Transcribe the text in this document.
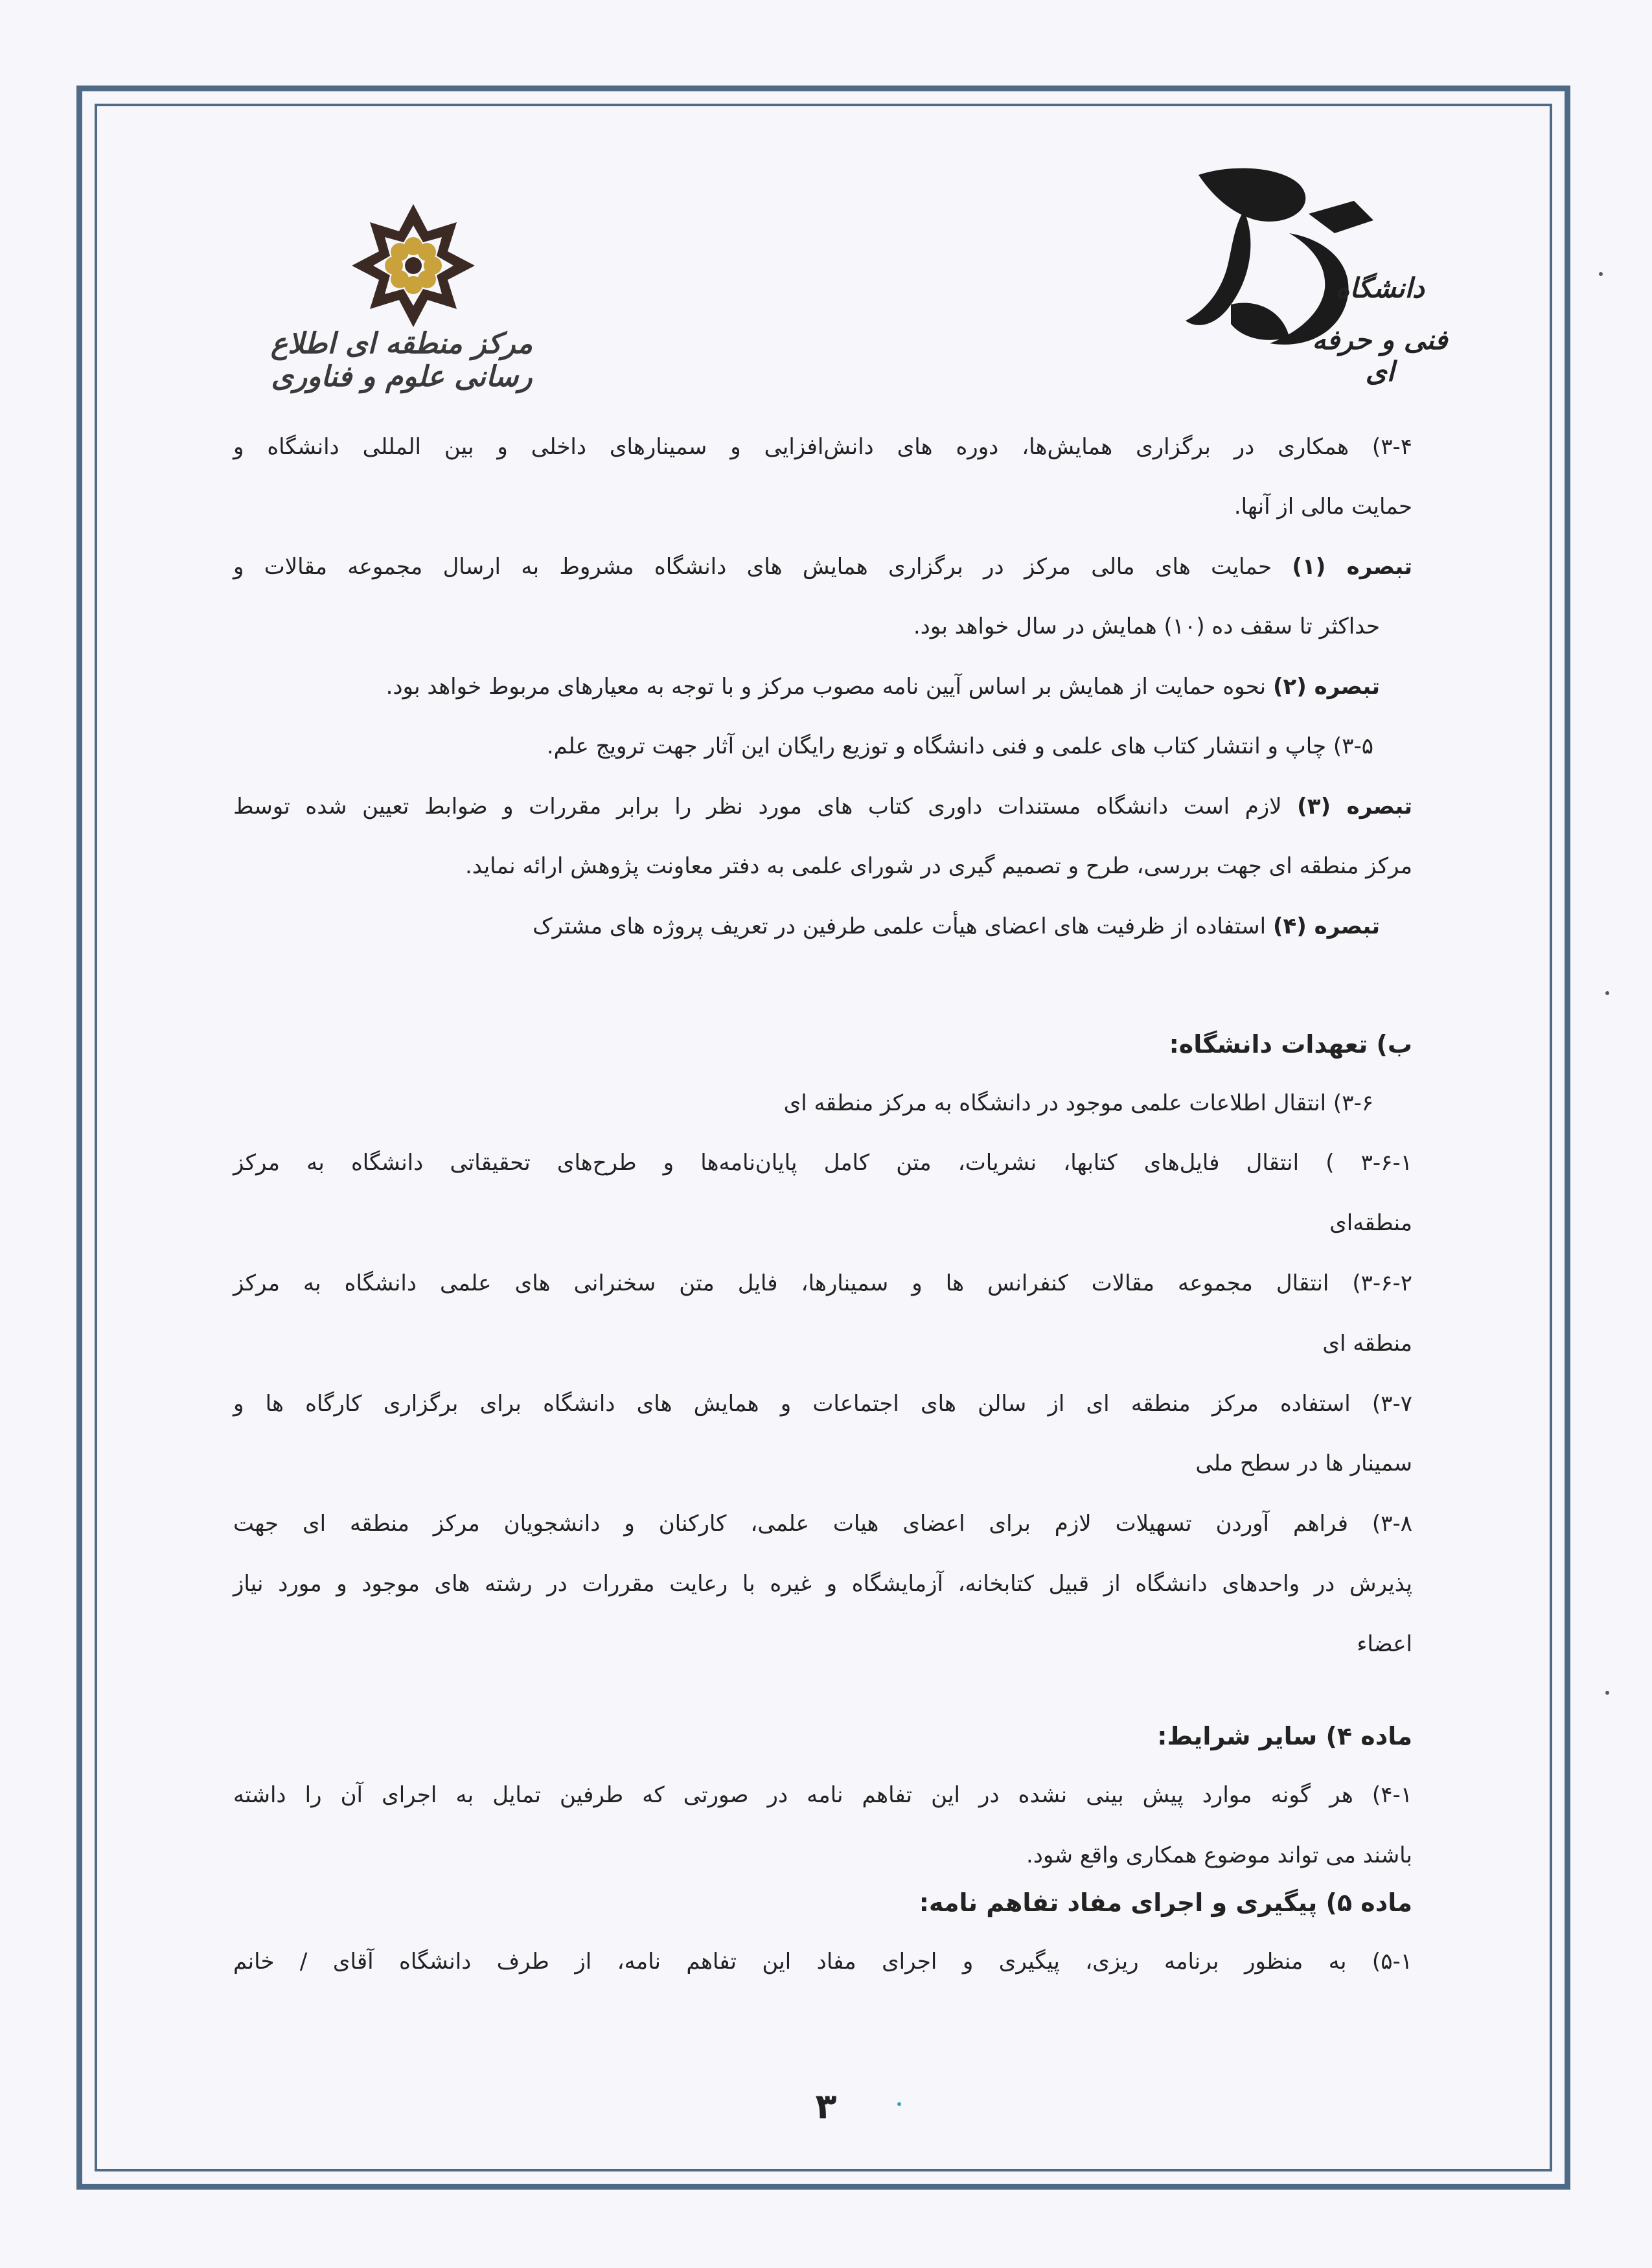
مرکز منطقه ای اطلاع رسانی علوم و فناوری
دانشگاه
فنی و حرفه ای
۳-۴) همکاری در برگزاری همایش‌ها، دوره های دانش‌افزایی و سمینارهای داخلی و بین المللی دانشگاه و
حمایت مالی از آنها.
تبصره (۱) حمایت های مالی مرکز در برگزاری همایش های دانشگاه مشروط به ارسال مجموعه مقالات و
حداکثر تا سقف ده (۱۰) همایش در سال خواهد بود.
تبصره (۲) نحوه حمایت از همایش بر اساس آیین نامه مصوب مرکز و با توجه به معیارهای مربوط خواهد بود.
۳-۵) چاپ و انتشار کتاب های علمی و فنی دانشگاه و توزیع رایگان این آثار جهت ترویج علم.
تبصره (۳) لازم است دانشگاه مستندات داوری کتاب های مورد نظر را برابر مقررات و ضوابط تعیین شده توسط
مرکز منطقه ای جهت بررسی، طرح و تصمیم گیری در شورای علمی به دفتر معاونت پژوهش ارائه نماید.
تبصره (۴) استفاده از ظرفیت های اعضای هیأت علمی طرفین در تعریف پروژه های مشترک
ب) تعهدات دانشگاه:
۳-۶) انتقال اطلاعات علمی موجود در دانشگاه به مرکز منطقه ای
۳-۶-۱ ) انتقال فایل‌های کتابها، نشریات، متن کامل پایان‌نامه‌ها و طرح‌های تحقیقاتی دانشگاه به مرکز
منطقه‌ای
۳-۶-۲) انتقال مجموعه مقالات کنفرانس ها و سمینارها، فایل متن سخنرانی های علمی دانشگاه به مرکز
منطقه ای
۳-۷) استفاده مرکز منطقه ای از سالن های اجتماعات و همایش های دانشگاه برای برگزاری کارگاه ها و
سمینار ها در سطح ملی
۳-۸) فراهم آوردن تسهیلات لازم برای اعضای هیات علمی، کارکنان و دانشجویان مرکز منطقه ای جهت
پذیرش در واحدهای دانشگاه از قبیل کتابخانه، آزمایشگاه و غیره با رعایت مقررات در رشته های موجود و مورد نیاز
اعضاء
ماده ۴) سایر شرایط:
۴-۱) هر گونه موارد پیش بینی نشده در این تفاهم نامه در صورتی که طرفین تمایل به اجرای آن را داشته
باشند می تواند موضوع همکاری واقع شود.
ماده ۵) پیگیری و اجرای مفاد تفاهم نامه:
۵-۱) به منظور برنامه ریزی، پیگیری و اجرای مفاد این تفاهم نامه، از طرف دانشگاه آقای / خانم
۳
